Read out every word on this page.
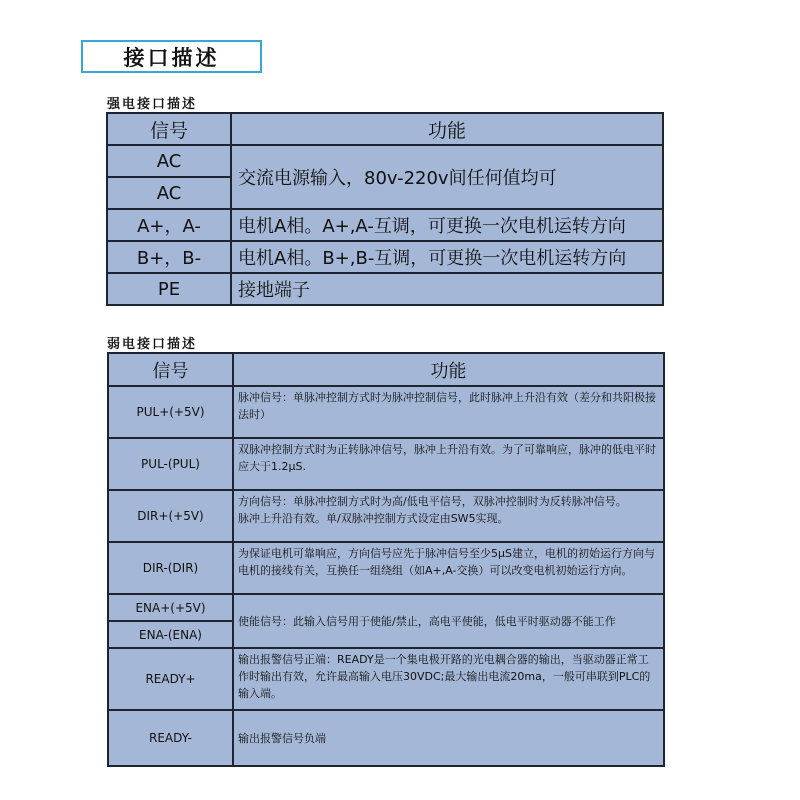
接口描述
强电接口描述
信号	功能
AC	交流电源输入，80v-220v间任何值均可
AC	
A+，A-	电机A相。A+,A-互调，可更换一次电机运转方向
B+，B-	电机A相。B+,B-互调，可更换一次电机运转方向
PE	接地端子
弱电接口描述
信号	功能
PUL+(+5V)	脉冲信号：单脉冲控制方式时为脉冲控制信号，此时脉冲上升沿有效（差分和共阳极接法时）
PUL-(PUL)	双脉冲控制方式时为正转脉冲信号，脉冲上升沿有效。为了可靠响应，脉冲的低电平时应大于1.2μS.
DIR+(+5V)	方向信号：单脉冲控制方式时为高/低电平信号，双脉冲控制时为反转脉冲信号。
脉冲上升沿有效。单/双脉冲控制方式设定由SW5实现。

DIR-(DIR)	为保证电机可靠响应，方向信号应先于脉冲信号至少5μS建立，电机的初始运行方向与电机的接线有关，互换任一组绕组（如A+,A-交换）可以改变电机初始运行方向。
ENA+(+5V)	使能信号：此输入信号用于使能/禁止，高电平使能，低电平时驱动器不能工作
ENA-(ENA)	
READY+	输出报警信号正端：READY是一个集电极开路的光电耦合器的输出，当驱动器正常工作时输出有效，允许最高输入电压30VDC;最大输出电流20ma，一般可串联到PLC的输入端。
READY-	输出报警信号负端
